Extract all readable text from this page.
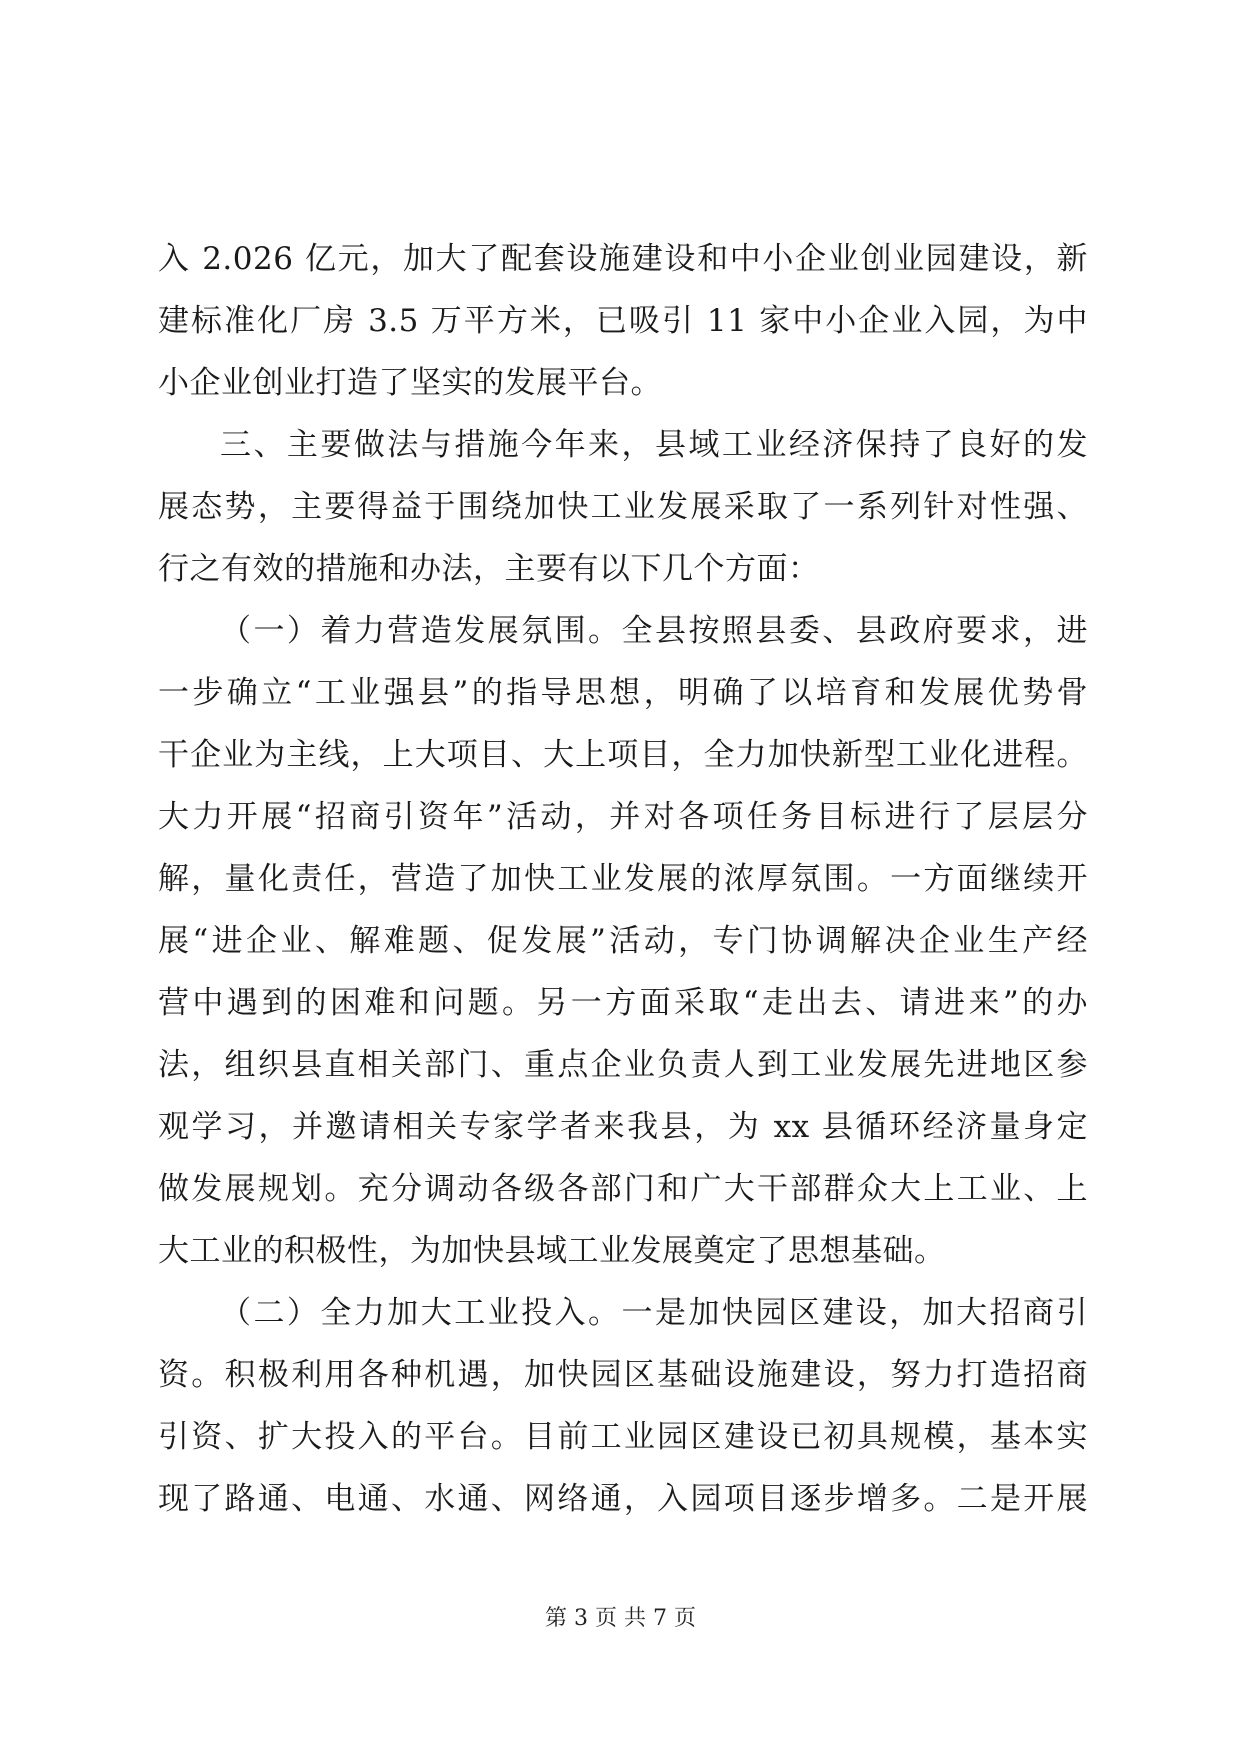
入 2.026 亿元，加大了配套设施建设和中小企业创业园建设，新
建标准化厂房 3.5 万平方米，已吸引 11 家中小企业入园，为中
小企业创业打造了坚实的发展平台。
三、主要做法与措施今年来，县域工业经济保持了良好的发
展态势，主要得益于围绕加快工业发展采取了一系列针对性强、
行之有效的措施和办法，主要有以下几个方面：
（一）着力营造发展氛围。全县按照县委、县政府要求，进
一步确立“工业强县”的指导思想，明确了以培育和发展优势骨
干企业为主线，上大项目、大上项目，全力加快新型工业化进程。
大力开展“招商引资年”活动，并对各项任务目标进行了层层分
解，量化责任，营造了加快工业发展的浓厚氛围。一方面继续开
展“进企业、解难题、促发展”活动，专门协调解决企业生产经
营中遇到的困难和问题。另一方面采取“走出去、请进来”的办
法，组织县直相关部门、重点企业负责人到工业发展先进地区参
观学习，并邀请相关专家学者来我县，为 xx 县循环经济量身定
做发展规划。充分调动各级各部门和广大干部群众大上工业、上
大工业的积极性，为加快县域工业发展奠定了思想基础。
（二）全力加大工业投入。一是加快园区建设，加大招商引
资。积极利用各种机遇，加快园区基础设施建设，努力打造招商
引资、扩大投入的平台。目前工业园区建设已初具规模，基本实
现了路通、电通、水通、网络通，入园项目逐步增多。二是开展
第 3 页 共 7 页
